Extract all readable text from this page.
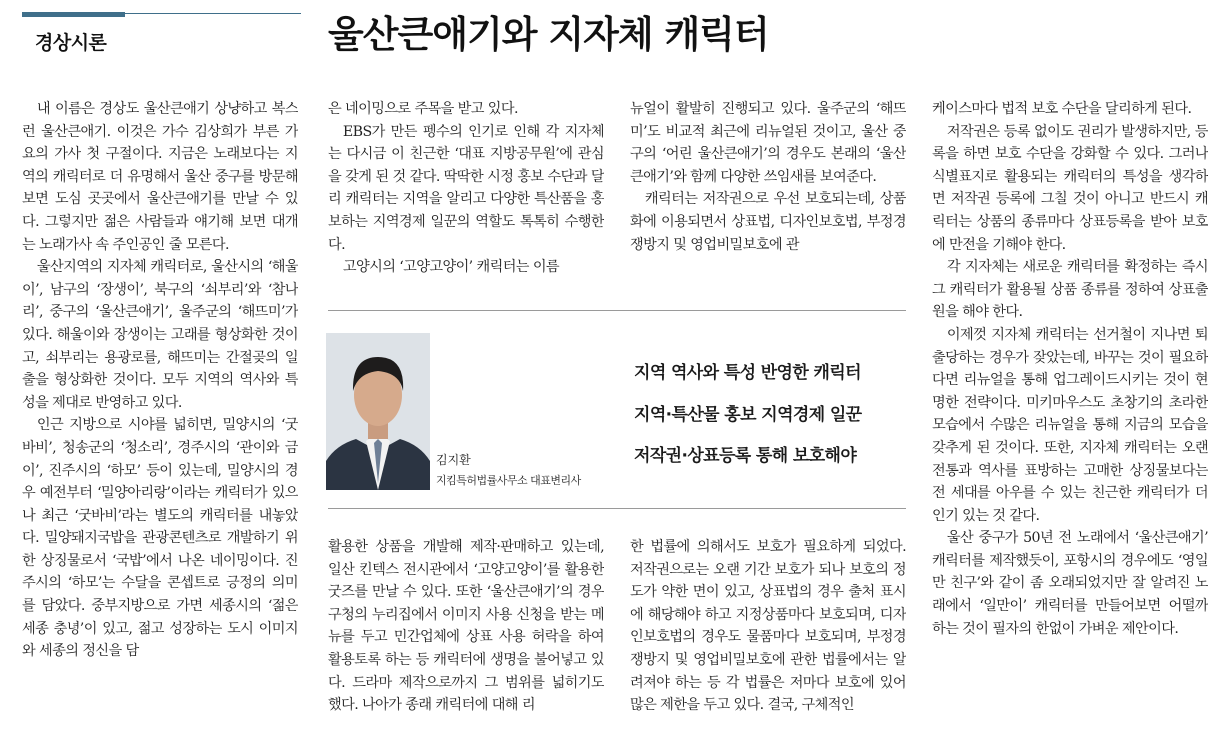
경상시론	울산큰애기와 지자체 캐릭터

내 이름은 경상도 울산큰애기 상냥하고 복스런 울산큰애기. 이것은 가수 김상희가 부른 가요의 가사 첫 구절이다. 지금은 노래보다는 지역의 캐릭터로 더 유명해서 울산 중구를 방문해 보면 도심 곳곳에서 울산큰애기를 만날 수 있다. 그렇지만 젊은 사람들과 얘기해 보면 대개는 노래가사 속 주인공인 줄 모른다.

울산지역의 지자체 캐릭터로, 울산시의 ‘해울이’, 남구의 ‘장생이’, 북구의 ‘쇠부리’와 ‘참나리’, 중구의 ‘울산큰애기’, 울주군의 ‘해뜨미’가 있다. 해울이와 장생이는 고래를 형상화한 것이고, 쇠부리는 용광로를, 해뜨미는 간절곶의 일출을 형상화한 것이다. 모두 지역의 역사와 특성을 제대로 반영하고 있다.

인근 지방으로 시야를 넓히면, 밀양시의 ‘굿바비’, 청송군의 ‘청소리’, 경주시의 ‘관이와 금이’, 진주시의 ‘하모’ 등이 있는데, 밀양시의 경우 예전부터 ‘밀양아리랑’이라는 캐릭터가 있으나 최근 ‘굿바비’라는 별도의 캐릭터를 내놓았다. 밀양돼지국밥을 관광콘텐츠로 개발하기 위한 상징물로서 ‘국밥’에서 나온 네이밍이다. 진주시의 ‘하모’는 수달을 콘셉트로 긍정의 의미를 담았다. 중부지방으로 가면 세종시의 ‘젊은 세종 충녕’이 있고, 젊고 성장하는 도시 이미지와 세종의 정신을 담

은 네이밍으로 주목을 받고 있다.

EBS가 만든 펭수의 인기로 인해 각 지자체는 다시금 이 친근한 ‘대표 지방공무원’에 관심을 갖게 된 것 같다. 딱딱한 시정 홍보 수단과 달리 캐릭터는 지역을 알리고 다양한 특산품을 홍보하는 지역경제 일꾼의 역할도 톡톡히 수행한다.

고양시의 ‘고양고양이’ 캐릭터는 이름

뉴얼이 활발히 진행되고 있다. 울주군의 ‘해뜨미’도 비교적 최근에 리뉴얼된 것이고, 울산 중구의 ‘어린 울산큰애기’의 경우도 본래의 ‘울산큰애기’와 함께 다양한 쓰임새를 보여준다.

캐릭터는 저작권으로 우선 보호되는데, 상품화에 이용되면서 상표법, 디자인보호법, 부정경쟁방지 및 영업비밀보호에 관

김지환

지킴특허법률사무소 대표변리사

지역 역사와 특성 반영한 캐릭터

지역·특산물 홍보 지역경제 일꾼

저작권·상표등록 통해 보호해야

활용한 상품을 개발해 제작·판매하고 있는데, 일산 킨텍스 전시관에서 ‘고양고양이’를 활용한 굿즈를 만날 수 있다. 또한 ‘울산큰애기’의 경우 구청의 누리집에서 이미지 사용 신청을 받는 메뉴를 두고 민간업체에 상표 사용 허락을 하여 활용토록 하는 등 캐릭터에 생명을 불어넣고 있다. 드라마 제작으로까지 그 범위를 넓히기도 했다. 나아가 종래 캐릭터에 대해 리

한 법률에 의해서도 보호가 필요하게 되었다. 저작권으로는 오랜 기간 보호가 되나 보호의 정도가 약한 면이 있고, 상표법의 경우 출처 표시에 해당해야 하고 지정상품마다 보호되며, 디자인보호법의 경우도 물품마다 보호되며, 부정경쟁방지 및 영업비밀보호에 관한 법률에서는 알려져야 하는 등 각 법률은 저마다 보호에 있어 많은 제한을 두고 있다. 결국, 구체적인

케이스마다 법적 보호 수단을 달리하게 된다.

저작권은 등록 없이도 권리가 발생하지만, 등록을 하면 보호 수단을 강화할 수 있다. 그러나 식별표지로 활용되는 캐릭터의 특성을 생각하면 저작권 등록에 그칠 것이 아니고 반드시 캐릭터는 상품의 종류마다 상표등록을 받아 보호에 만전을 기해야 한다.

각 지자체는 새로운 캐릭터를 확정하는 즉시 그 캐릭터가 활용될 상품 종류를 정하여 상표출원을 해야 한다.

이제껏 지자체 캐릭터는 선거철이 지나면 퇴출당하는 경우가 잦았는데, 바꾸는 것이 필요하다면 리뉴얼을 통해 업그레이드시키는 것이 현명한 전략이다. 미키마우스도 초창기의 초라한 모습에서 수많은 리뉴얼을 통해 지금의 모습을 갖추게 된 것이다. 또한, 지자체 캐릭터는 오랜 전통과 역사를 표방하는 고매한 상징물보다는 전 세대를 아우를 수 있는 친근한 캐릭터가 더 인기 있는 것 같다.

울산 중구가 50년 전 노래에서 ‘울산큰애기’ 캐릭터를 제작했듯이, 포항시의 경우에도 ‘영일만 친구’와 같이 좀 오래되었지만 잘 알려진 노래에서 ‘일만이’ 캐릭터를 만들어보면 어떨까 하는 것이 필자의 한없이 가벼운 제안이다.
